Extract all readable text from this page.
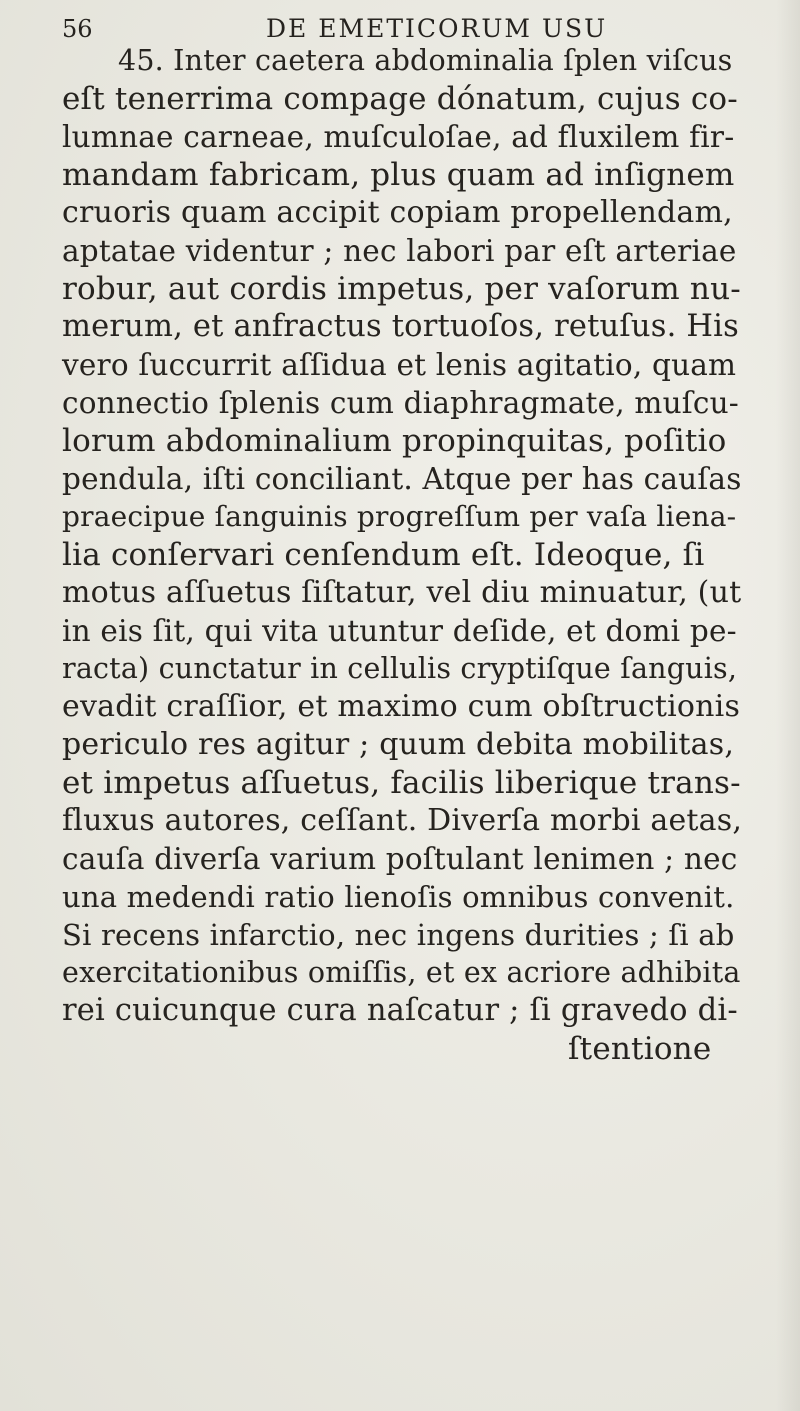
56	DE EMETICORUM USU
45. Inter caetera abdominalia ſplen viſcus
eſt tenerrima compage dónatum, cujus co-
lumnae carneae, muſculoſae, ad fluxilem fir-
mandam fabricam, plus quam ad inſignem
cruoris quam accipit copiam propellendam,
aptatae videntur ; nec labori par eſt arteriae
robur, aut cordis impetus, per vaſorum nu-
merum, et anfractus tortuoſos, retuſus. His
vero ſuccurrit aſſidua et lenis agitatio, quam
connectio ſplenis cum diaphragmate, muſcu-
lorum abdominalium propinquitas, poſitio
pendula, iſti conciliant. Atque per has cauſas
praecipue ſanguinis progreſſum per vaſa liena-
lia conſervari cenſendum eſt. Ideoque, ſi
motus aſſuetus ſiſtatur, vel diu minuatur, (ut
in eis ſit, qui vita utuntur deſide, et domi pe-
racta) cunctatur in cellulis cryptiſque ſanguis,
evadit craſſior, et maximo cum obſtructionis
periculo res agitur ; quum debita mobilitas,
et impetus aſſuetus, facilis liberique trans-
fluxus autores, ceſſant. Diverſa morbi aetas,
cauſa diverſa varium poſtulant lenimen ; nec
una medendi ratio lienoſis omnibus convenit.
Si recens infarctio, nec ingens durities ; ſi ab
exercitationibus omiſſis, et ex acriore adhibita
rei cuicunque cura naſcatur ; ſi gravedo di-
ſtentione
